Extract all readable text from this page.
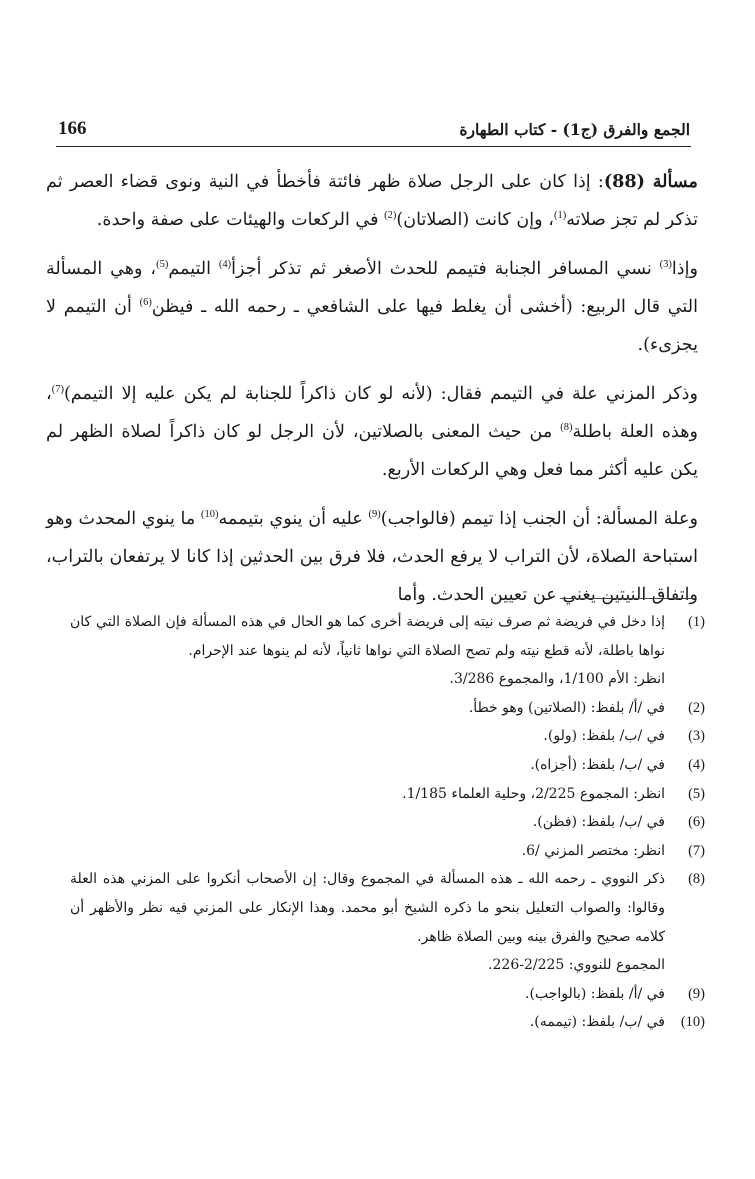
166	الجمع والفرق (ج1) - كتاب الطهارة

مسألة (88): إذا كان على الرجل صلاة ظهر فائتة فأخطأ في النية ونوى قضاء العصر ثم تذكر لم تجز صلاته$^{(1)}$، وإن كانت (الصلاتان)$^{(2)}$ في الركعات والهيئات على صفة واحدة.

وإذا$^{(3)}$ نسي المسافر الجنابة فتيمم للحدث الأصغر ثم تذكر أجزأ$^{(4)}$ التيمم$^{(5)}$، وهي المسألة التي قال الربيع: (أخشى أن يغلط فيها على الشافعي ـ رحمه الله ـ فيظن$^{(6)}$ أن التيمم لا يجزىء).

وذكر المزني علة في التيمم فقال: (لأنه لو كان ذاكراً للجنابة لم يكن عليه إلا التيمم)$^{(7)}$، وهذه العلة باطلة$^{(8)}$ من حيث المعنى بالصلاتين، لأن الرجل لو كان ذاكراً لصلاة الظهر لم يكن عليه أكثر مما فعل وهي الركعات الأربع.

وعلة المسألة: أن الجنب إذا تيمم (فالواجب)$^{(9)}$ عليه أن ينوي بتيممه$^{(10)}$ ما ينوي المحدث وهو استباحة الصلاة، لأن التراب لا يرفع الحدث، فلا فرق بين الحدثين إذا كانا لا يرتفعان بالتراب، واتفاق النيتين يغني عن تعيين الحدث. وأما

(1)
إذا دخل في فريضة ثم صرف نيته إلى فريضة أخرى كما هو الحال في هذه المسألة فإن الصلاة التي كان نواها باطلة، لأنه قطع نيته ولم تصح الصلاة التي نواها ثانياً، لأنه لم ينوها عند الإحرام.
انظر: الأم 1/100، والمجموع 3/286.
(2)
في /أ/ بلفظ: (الصلاتين) وهو خطأ.
(3)
في /ب/ بلفظ: (ولو).
(4)
في /ب/ بلفظ: (أجزاه).
(5)
انظر: المجموع 2/225، وحلية العلماء 1/185.
(6)
في /ب/ بلفظ: (فظن).
(7)
انظر: مختصر المزني /6.
(8)
ذكر النووي ـ رحمه الله ـ هذه المسألة في المجموع وقال: إن الأصحاب أنكروا على المزني هذه العلة وقالوا: والصواب التعليل بنحو ما ذكره الشيخ أبو محمد. وهذا الإنكار على المزني فيه نظر والأظهر أن كلامه صحيح والفرق بينه وبين الصلاة ظاهر.
المجموع للنووي: 2/225-226.
(9)
في /أ/ بلفظ: (بالواجب).
(10)
في /ب/ بلفظ: (تيممه).
